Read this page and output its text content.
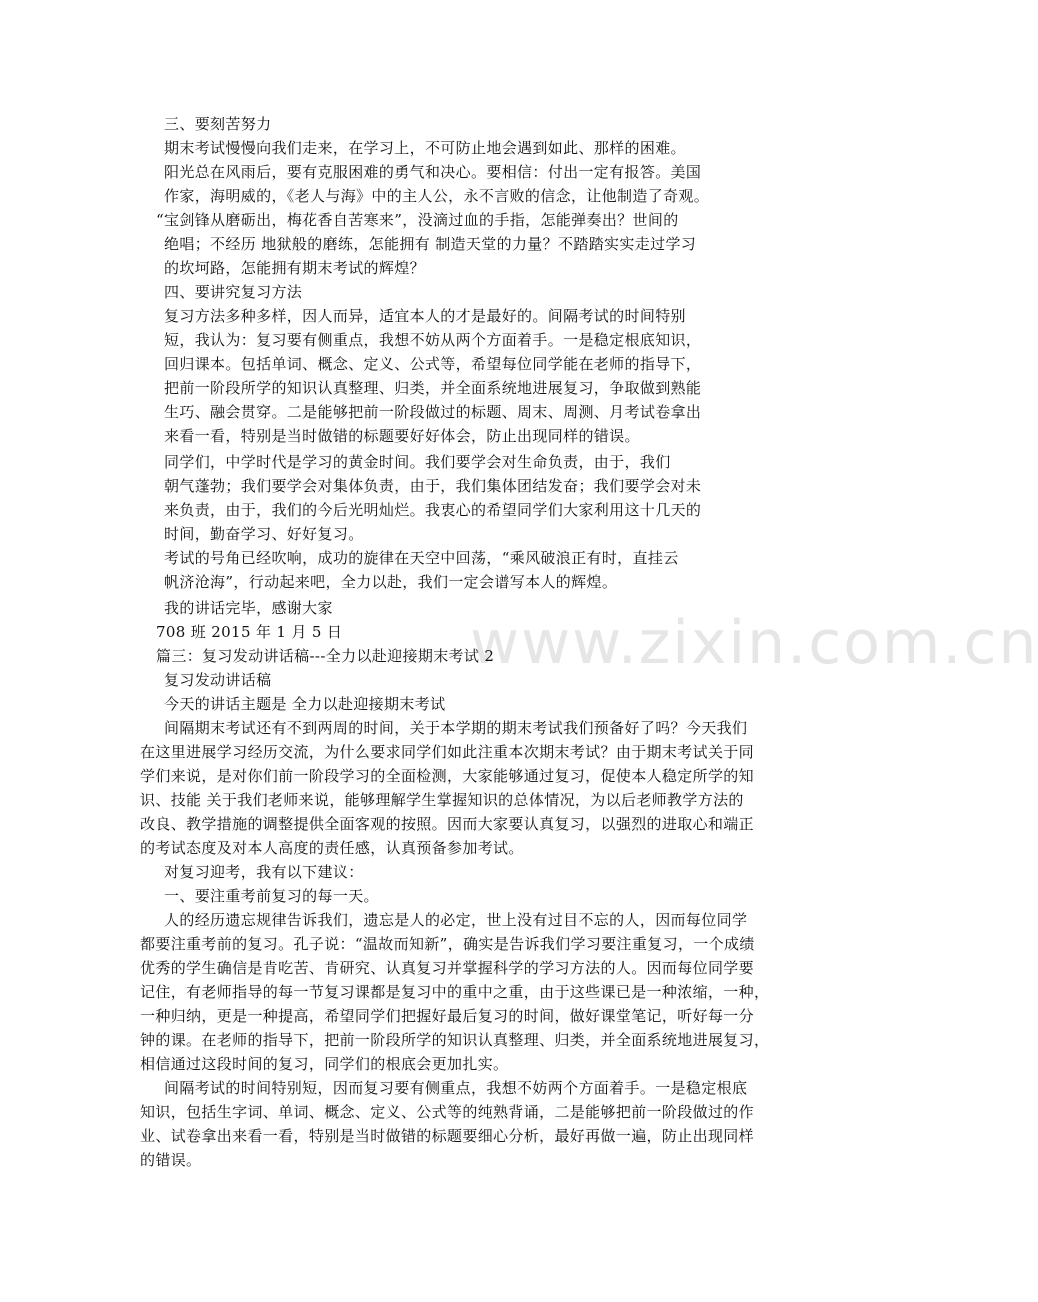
www.zixin.com.cn
三、要刻苦努力
期末考试慢慢向我们走来，在学习上，不可防止地会遇到如此、那样的困难。
阳光总在风雨后，要有克服困难的勇气和决心。要相信：付出一定有报答。美国
作家，海明威的，《老人与海》中的主人公，永不言败的信念，让他制造了奇观。
“宝剑锋从磨砺出，梅花香自苦寒来”，没滴过血的手指，怎能弹奏出？世间的
绝唱；不经历 地狱般的磨练，怎能拥有 制造天堂的力量？不踏踏实实走过学习
的坎坷路，怎能拥有期末考试的辉煌？
四、要讲究复习方法
复习方法多种多样，因人而异，适宜本人的才是最好的。间隔考试的时间特别
短，我认为：复习要有侧重点，我想不妨从两个方面着手。一是稳定根底知识，
回归课本。包括单词、概念、定义、公式等，希望每位同学能在老师的指导下，
把前一阶段所学的知识认真整理、归类，并全面系统地进展复习，争取做到熟能
生巧、融会贯穿。二是能够把前一阶段做过的标题、周末、周测、月考试卷拿出
来看一看，特别是当时做错的标题要好好体会，防止出现同样的错误。
同学们，中学时代是学习的黄金时间。我们要学会对生命负责，由于，我们
朝气蓬勃；我们要学会对集体负责，由于，我们集体团结发奋；我们要学会对未
来负责，由于，我们的今后光明灿烂。我衷心的希望同学们大家利用这十几天的
时间，勤奋学习、好好复习。
考试的号角已经吹响，成功的旋律在天空中回荡，“乘风破浪正有时，直挂云
帆济沧海”，行动起来吧，全力以赴，我们一定会谱写本人的辉煌。
我的讲话完毕，感谢大家
708 班 2015 年 1 月 5 日
篇三：复习发动讲话稿---全力以赴迎接期末考试 2
复习发动讲话稿
今天的讲话主题是 全力以赴迎接期末考试
间隔期末考试还有不到两周的时间，关于本学期的期末考试我们预备好了吗？今天我们
在这里进展学习经历交流，为什么要求同学们如此注重本次期末考试？由于期末考试关于同
学们来说，是对你们前一阶段学习的全面检测，大家能够通过复习，促使本人稳定所学的知
识、技能 关于我们老师来说，能够理解学生掌握知识的总体情况，为以后老师教学方法的
改良、教学措施的调整提供全面客观的按照。因而大家要认真复习，以强烈的进取心和端正
的考试态度及对本人高度的责任感，认真预备参加考试。
对复习迎考，我有以下建议：
一、要注重考前复习的每一天。
人的经历遗忘规律告诉我们，遗忘是人的必定，世上没有过目不忘的人，因而每位同学
都要注重考前的复习。孔子说：“温故而知新”，确实是告诉我们学习要注重复习，一个成绩
优秀的学生确信是肯吃苦、肯研究、认真复习并掌握科学的学习方法的人。因而每位同学要
记住，有老师指导的每一节复习课都是复习中的重中之重，由于这些课已是一种浓缩，一种，
一种归纳，更是一种提高，希望同学们把握好最后复习的时间，做好课堂笔记，听好每一分
钟的课。在老师的指导下，把前一阶段所学的知识认真整理、归类，并全面系统地进展复习，
相信通过这段时间的复习，同学们的根底会更加扎实。
间隔考试的时间特别短，因而复习要有侧重点，我想不妨两个方面着手。一是稳定根底
知识，包括生字词、单词、概念、定义、公式等的纯熟背诵，二是能够把前一阶段做过的作
业、试卷拿出来看一看，特别是当时做错的标题要细心分析，最好再做一遍，防止出现同样
的错误。
